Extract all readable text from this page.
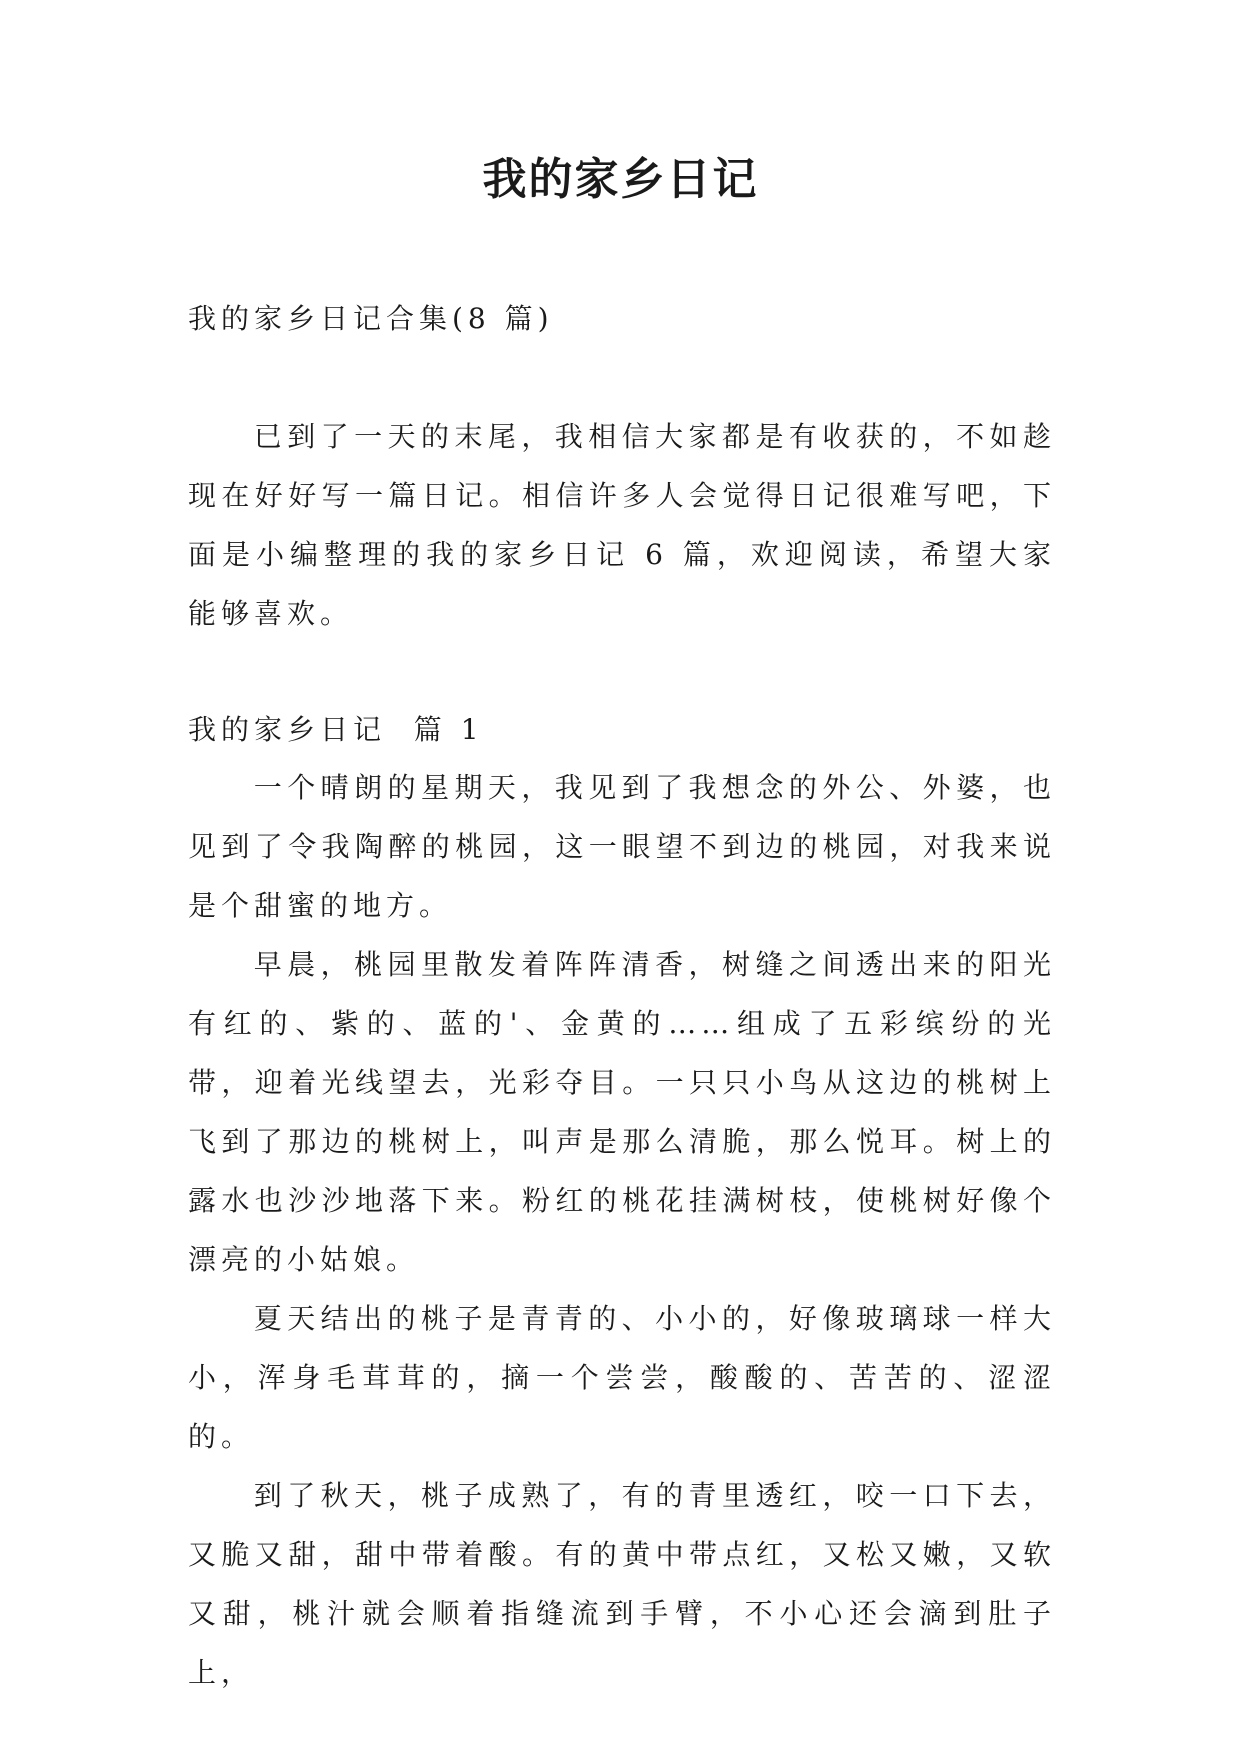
我的家乡日记
我的家乡日记合集(8 篇)

已到了一天的末尾，我相信大家都是有收获的，不如趁现在好好写一篇日记。相信许多人会觉得日记很难写吧，下面是小编整理的我的家乡日记 6 篇，欢迎阅读，希望大家能够喜欢。

我的家乡日记  篇 1

一个晴朗的星期天，我见到了我想念的外公、外婆，也见到了令我陶醉的桃园，这一眼望不到边的桃园，对我来说是个甜蜜的地方。

早晨，桃园里散发着阵阵清香，树缝之间透出来的阳光有红的、紫的、蓝的'、金黄的……组成了五彩缤纷的光带，迎着光线望去，光彩夺目。一只只小鸟从这边的桃树上飞到了那边的桃树上，叫声是那么清脆，那么悦耳。树上的露水也沙沙地落下来。粉红的桃花挂满树枝，使桃树好像个漂亮的小姑娘。

夏天结出的桃子是青青的、小小的，好像玻璃球一样大小，浑身毛茸茸的，摘一个尝尝，酸酸的、苦苦的、涩涩的。

到了秋天，桃子成熟了，有的青里透红，咬一口下去，又脆又甜，甜中带着酸。有的黄中带点红，又松又嫩，又软又甜，桃汁就会顺着指缝流到手臂，不小心还会滴到肚子上，
